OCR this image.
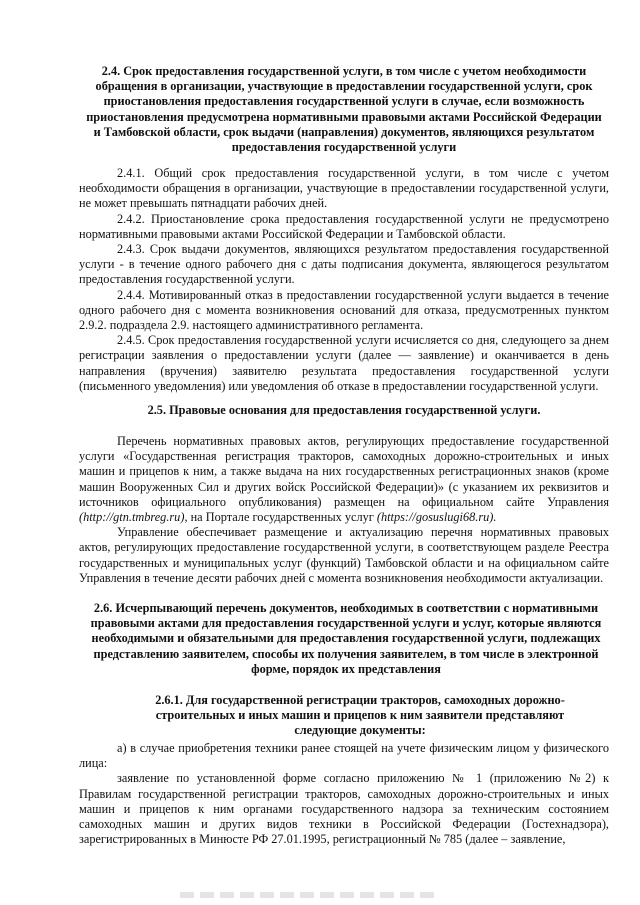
2.4. Срок предоставления государственной услуги, в том числе с учетом необходимости обращения в организации, участвующие в предоставлении государственной услуги, срок приостановления предоставления государственной услуги в случае, если возможность приостановления предусмотрена нормативными правовыми актами Российской Федерации и Тамбовской области, срок выдачи (направления) документов, являющихся результатом предоставления государственной услуги

2.4.1. Общий срок предоставления государственной услуги, в том числе с учетом необходимости обращения в организации, участвующие в предоставлении государственной услуги, не может превышать пятнадцати рабочих дней.

2.4.2. Приостановление срока предоставления государственной услуги не предусмотрено нормативными правовыми актами Российской Федерации и Тамбовской области.

2.4.3. Срок выдачи документов, являющихся результатом предоставления государственной услуги - в течение одного рабочего дня с даты подписания документа, являющегося результатом предоставления государственной услуги.

2.4.4. Мотивированный отказ в предоставлении государственной услуги выдается в течение одного рабочего дня с момента возникновения оснований для отказа, предусмотренных пунктом 2.9.2. подраздела 2.9. настоящего административного регламента.

2.4.5. Срок предоставления государственной услуги исчисляется со дня, следующего за днем регистрации заявления о предоставлении услуги (далее — заявление) и оканчивается в день направления (вручения) заявителю результата предоставления государственной услуги (письменного уведомления) или уведомления об отказе в предоставлении государственной услуги.

2.5. Правовые основания для предоставления государственной услуги.

Перечень нормативных правовых актов, регулирующих предоставление государственной услуги «Государственная регистрация тракторов, самоходных дорожно-строительных и иных машин и прицепов к ним, а также выдача на них государственных регистрационных знаков (кроме машин Вооруженных Сил и других войск Российской Федерации)» (с указанием их реквизитов и источников официального опубликования) размещен на официальном сайте Управления (http://gtn.tmbreg.ru), на Портале государственных услуг (https://gosuslugi68.ru).

Управление обеспечивает размещение и актуализацию перечня нормативных правовых актов, регулирующих предоставление государственной услуги, в соответствующем разделе Реестра государственных и муниципальных услуг (функций) Тамбовской области и на официальном сайте Управления в течение десяти рабочих дней с момента возникновения необходимости актуализации.

2.6. Исчерпывающий перечень документов, необходимых в соответствии с нормативными правовыми актами для предоставления государственной услуги и услуг, которые являются необходимыми и обязательными для предоставления государственной услуги, подлежащих представлению заявителем, способы их получения заявителем, в том числе в электронной форме, порядок их представления
2.6.1. Для государственной регистрации тракторов, самоходных дорожно-строительных и иных машин и прицепов к ним заявители представляют следующие документы:

а) в случае приобретения техники ранее стоящей на учете физическим лицом у физического лица:

заявление по установленной форме согласно приложению № 1 (приложению №2) к Правилам государственной регистрации тракторов, самоходных дорожно-строительных и иных машин и прицепов к ним органами государственного надзора за техническим состоянием самоходных машин и других видов техники в Российской Федерации (Гостехнадзора), зарегистрированных в Минюсте РФ 27.01.1995, регистрационный № 785 (далее – заявление,
